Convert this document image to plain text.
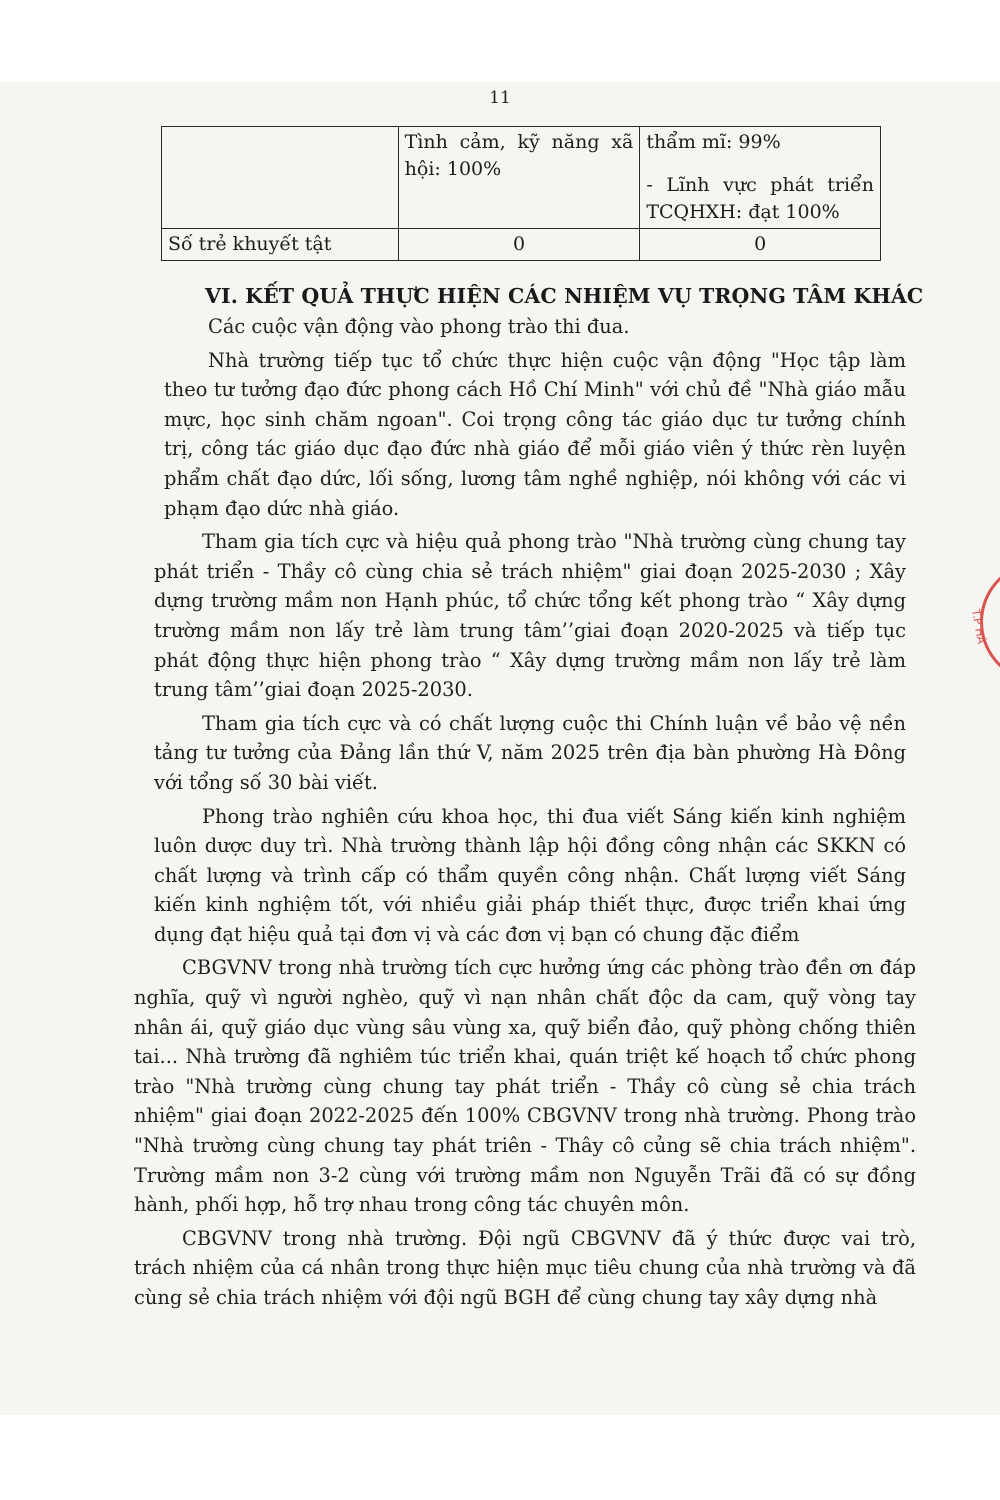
11
	Tình cảm, kỹ năng xã hội: 100%	thẩm mĩ: 99%
- Lĩnh vực phát triển TCQHXH: đạt 100%

Số trẻ khuyết tật	0	0
VI. KẾT QUẢ THỰC HIỆN CÁC NHIỆM VỤ TRỌNG TÂM KHÁC

Các cuộc vận động vào phong trào thi đua.

Nhà trường tiếp tục tổ chức thực hiện cuộc vận động "Học tập làm theo tư tưởng đạo đức phong cách Hồ Chí Minh" với chủ đề "Nhà giáo mẫu mực, học sinh chăm ngoan". Coi trọng công tác giáo dục tư tưởng chính trị, công tác giáo dục đạo đức nhà giáo để mỗi giáo viên ý thức rèn luyện phẩm chất đạo dức, lối sống, lương tâm nghề nghiệp, nói không với các vi phạm đạo dức nhà giáo.

Tham gia tích cực và hiệu quả phong trào "Nhà trường cùng chung tay phát triển - Thầy cô cùng chia sẻ trách nhiệm" giai đoạn 2025-2030 ; Xây dựng trường mầm non Hạnh phúc, tổ chức tổng kết phong trào “ Xây dựng trường mầm non lấy trẻ làm trung tâm’’giai đoạn 2020-2025 và tiếp tục phát động thực hiện phong trào “ Xây dựng trường mầm non lấy trẻ làm trung tâm’’giai đoạn 2025-2030.

Tham gia tích cực và có chất lượng cuộc thi Chính luận về bảo vệ nền tảng tư tưởng của Đảng lần thứ V, năm 2025 trên địa bàn phường Hà Đông với tổng số 30 bài viết.

Phong trào nghiên cứu khoa học, thi đua viết Sáng kiến kinh nghiệm luôn dược duy trì. Nhà trường thành lập hội đồng công nhận các SKKN có chất lượng và trình cấp có thẩm quyền công nhận. Chất lượng viết Sáng kiến kinh nghiệm tốt, với nhiều giải pháp thiết thực, được triển khai ứng dụng đạt hiệu quả tại đơn vị và các đơn vị bạn có chung đặc điểm

CBGVNV trong nhà trường tích cực hưởng ứng các phòng trào đền ơn đáp nghĩa, quỹ vì người nghèo, quỹ vì nạn nhân chất độc da cam, quỹ vòng tay nhân ái, quỹ giáo dục vùng sâu vùng xa, quỹ biển đảo, quỹ phòng chống thiên tai... Nhà trường đã nghiêm túc triển khai, quán triệt kế hoạch tổ chức phong trào "Nhà trường cùng chung tay phát triển - Thầy cô cùng sẻ chia trách nhiệm" giai đoạn 2022-2025 đến 100% CBGVNV trong nhà trường. Phong trào "Nhà trường cùng chung tay phát triên - Thây cô củng sẽ chia trách nhiệm". Trường mầm non 3-2 cùng với trường mầm non Nguyễn Trãi đã có sự đồng hành, phối hợp, hỗ trợ nhau trong công tác chuyên môn.

CBGVNV trong nhà trường. Đội ngũ CBGVNV đã ý thức được vai trò, trách nhiệm của cá nhân trong thực hiện mục tiêu chung của nhà trường và đã cùng sẻ chia trách nhiệm với đội ngũ BGH để cùng chung tay xây dựng nhà

T.P HÀ
